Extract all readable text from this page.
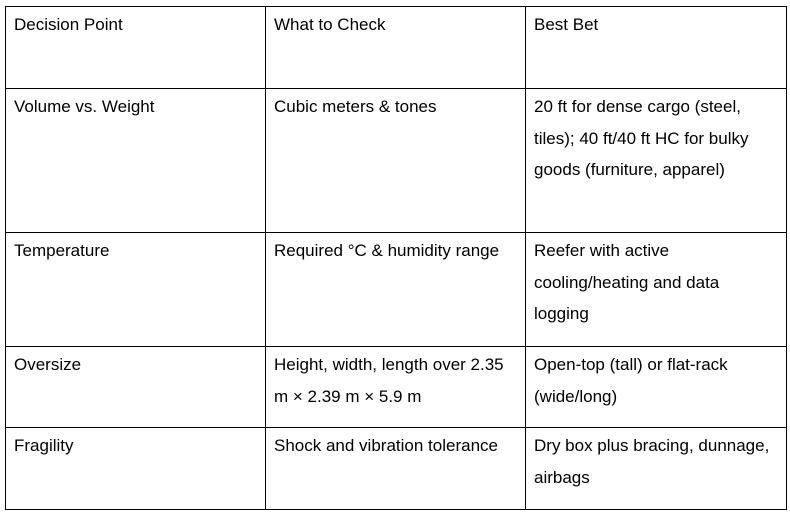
Decision Point	What to Check	Best Bet

Volume vs. Weight	Cubic meters & tones	20 ft for dense cargo (steel, tiles); 40 ft/40 ft HC for bulky goods (furniture, apparel)

Temperature	Required °C & humidity range	Reefer with active cooling/heating and data logging

Oversize	Height, width, length over 2.35 m × 2.39 m × 5.9 m	Open-top (tall) or flat-rack (wide/long)

Fragility	Shock and vibration tolerance	Dry box plus bracing, dunnage, airbags
